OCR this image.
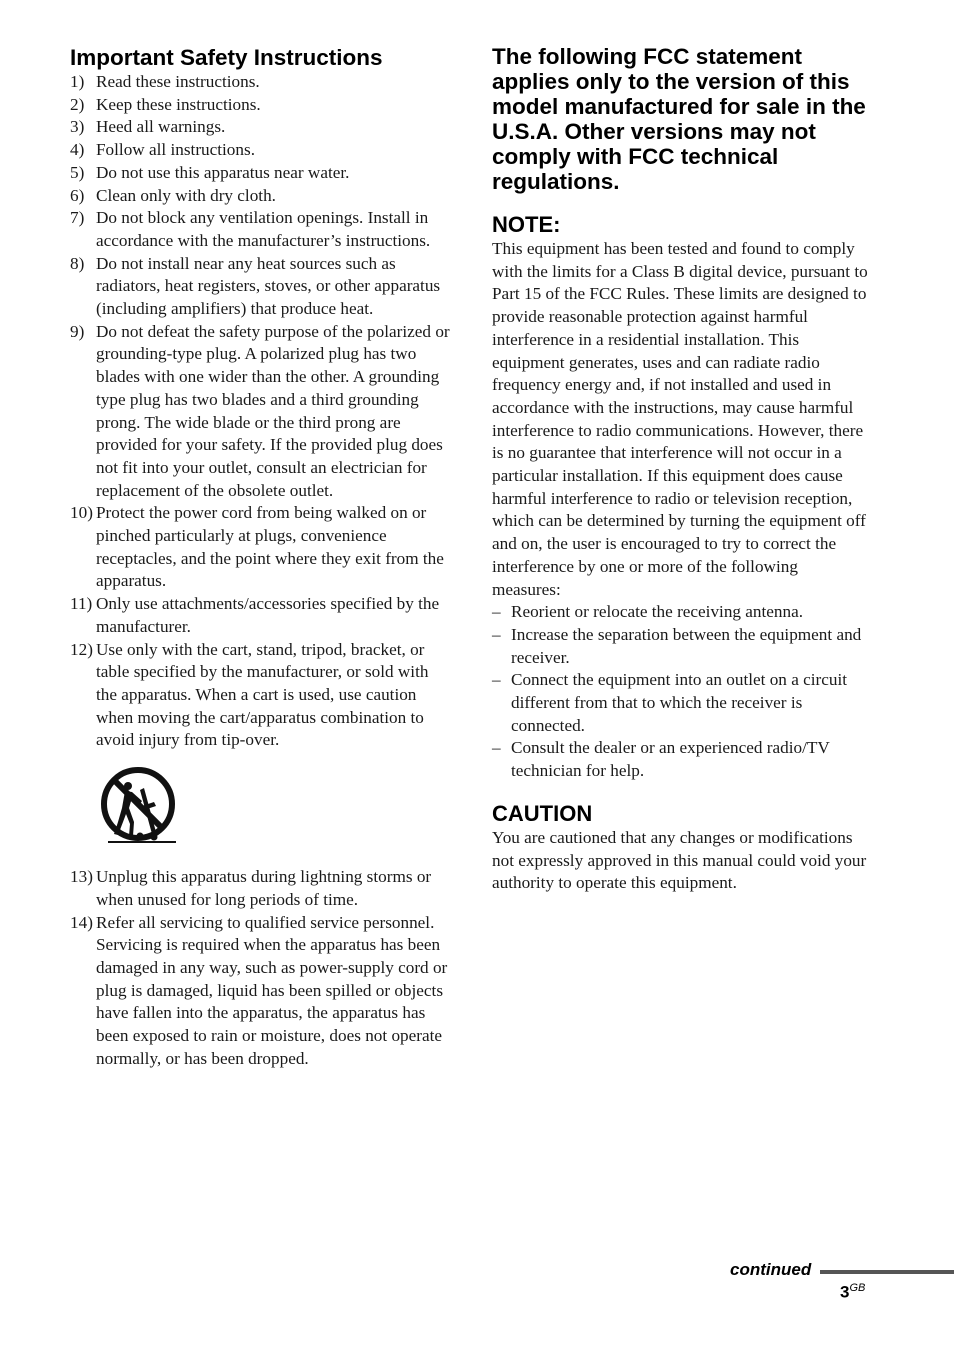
Important Safety Instructions
1) Read these instructions.
2) Keep these instructions.
3) Heed all warnings.
4) Follow all instructions.
5) Do not use this apparatus near water.
6) Clean only with dry cloth.
7) Do not block any ventilation openings. Install in accordance with the manufacturer’s instructions.
8) Do not install near any heat sources such as radiators, heat registers, stoves, or other apparatus (including amplifiers) that produce heat.
9) Do not defeat the safety purpose of the polarized or grounding-type plug. A polarized plug has two blades with one wider than the other. A grounding type plug has two blades and a third grounding prong. The wide blade or the third prong are provided for your safety. If the provided plug does not fit into your outlet, consult an electrician for replacement of the obsolete outlet.
10) Protect the power cord from being walked on or pinched particularly at plugs, convenience receptacles, and the point where they exit from the apparatus.
11) Only use attachments/accessories specified by the manufacturer.
12) Use only with the cart, stand, tripod, bracket, or table specified by the manufacturer, or sold with the apparatus. When a cart is used, use caution when moving the cart/apparatus combination to avoid injury from tip-over.
13) Unplug this apparatus during lightning storms or when unused for long periods of time.
14) Refer all servicing to qualified service personnel. Servicing is required when the apparatus has been damaged in any way, such as power-supply cord or plug is damaged, liquid has been spilled or objects have fallen into the apparatus, the apparatus has been exposed to rain or moisture, does not operate normally, or has been dropped.
The following FCC statement applies only to the version of this model manufactured for sale in the U.S.A. Other versions may not comply with FCC technical regulations.
NOTE:

This equipment has been tested and found to comply with the limits for a Class B digital device, pursuant to Part 15 of the FCC Rules. These limits are designed to provide reasonable protection against harmful interference in a residential installation. This equipment generates, uses and can radiate radio frequency energy and, if not installed and used in accordance with the instructions, may cause harmful interference to radio communications. However, there is no guarantee that interference will not occur in a particular installation. If this equipment does cause harmful interference to radio or television reception, which can be determined by turning the equipment off and on, the user is encouraged to try to correct the interference by one or more of the following measures:

– Reorient or relocate the receiving antenna.
– Increase the separation between the equipment and receiver.
– Connect the equipment into an outlet on a circuit different from that to which the receiver is connected.
– Consult the dealer or an experienced radio/TV technician for help.
CAUTION

You are cautioned that any changes or modifications not expressly approved in this manual could void your authority to operate this equipment.

continued
$3^{GB}$
